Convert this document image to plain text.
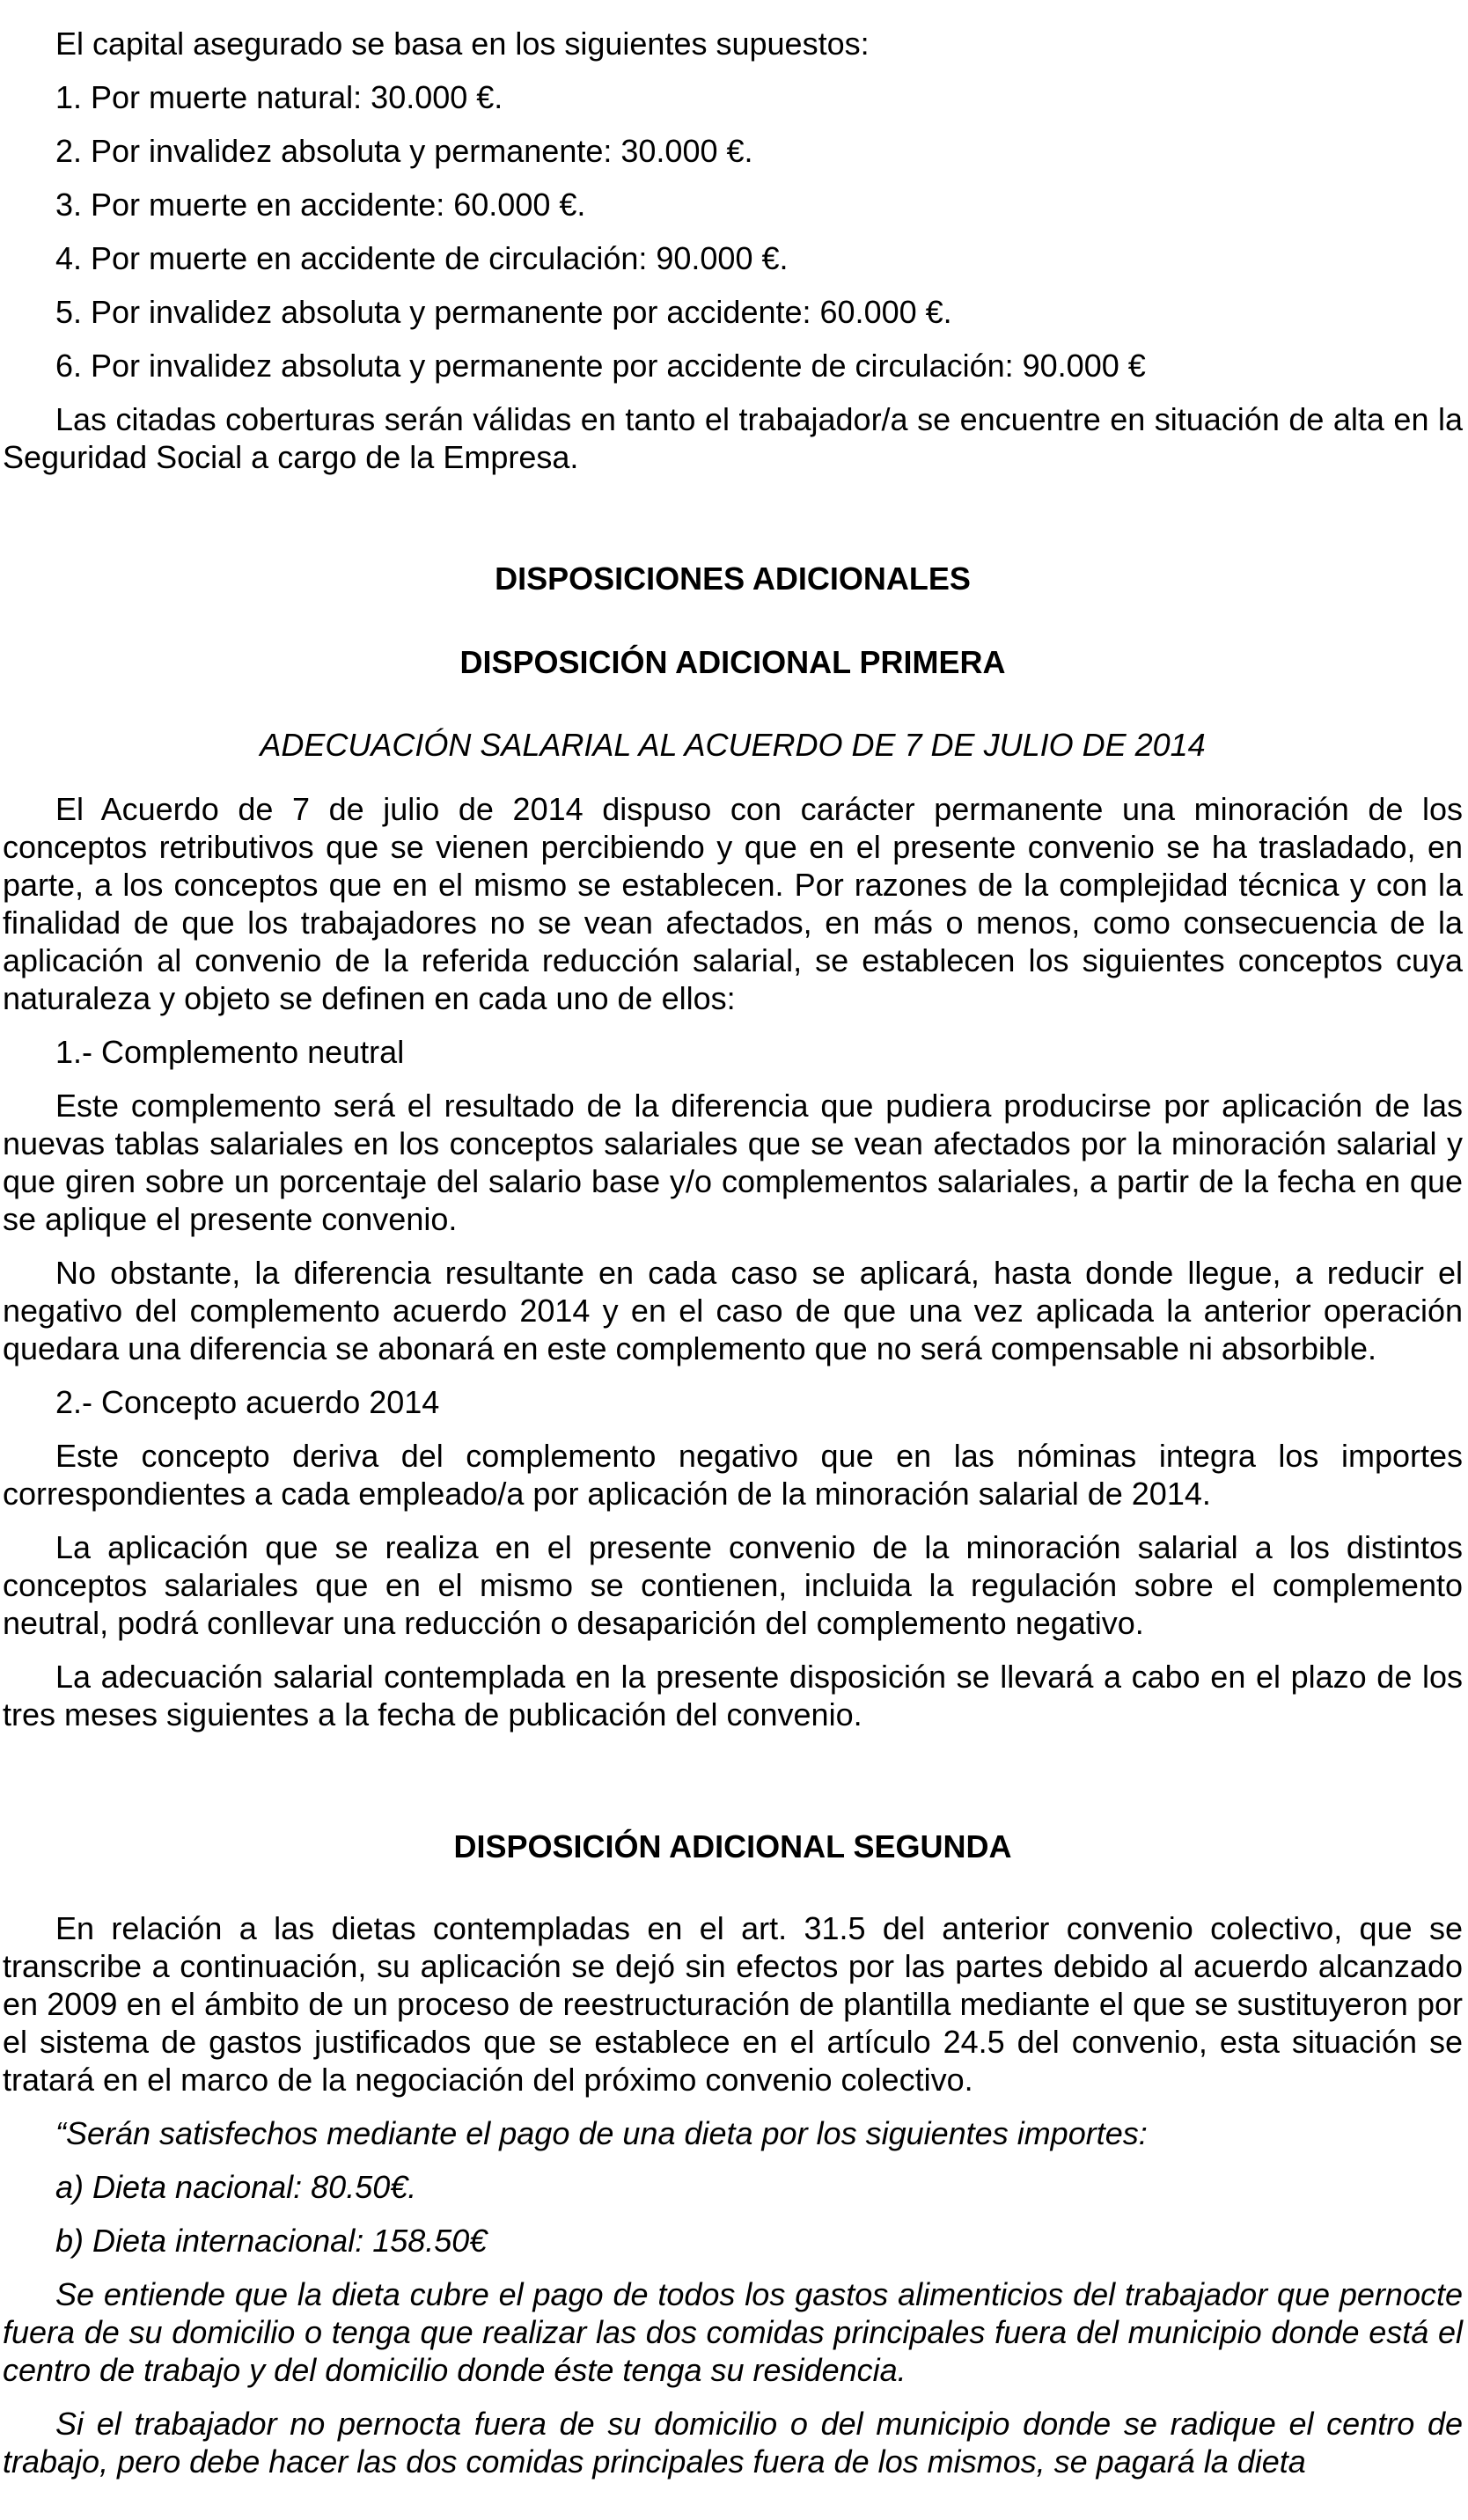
El capital asegurado se basa en los siguientes supuestos:

1. Por muerte natural: 30.000 €.

2. Por invalidez absoluta y permanente: 30.000 €.

3. Por muerte en accidente: 60.000 €.

4. Por muerte en accidente de circulación: 90.000 €.

5. Por invalidez absoluta y permanente por accidente: 60.000 €.

6. Por invalidez absoluta y permanente por accidente de circulación: 90.000 €

Las citadas coberturas serán válidas en tanto el trabajador/a se encuentre en situación de alta en la Seguridad Social a cargo de la Empresa.

DISPOSICIONES ADICIONALES

DISPOSICIÓN ADICIONAL PRIMERA

ADECUACIÓN SALARIAL AL ACUERDO DE 7 DE JULIO DE 2014

El Acuerdo de 7 de julio de 2014 dispuso con carácter permanente una minoración de los conceptos retributivos que se vienen percibiendo y que en el presente convenio se ha trasladado, en parte, a los conceptos que en el mismo se establecen. Por razones de la complejidad técnica y con la finalidad de que los trabajadores no se vean afectados, en más o menos, como consecuencia de la aplicación al convenio de la referida reducción salarial, se establecen los siguientes conceptos cuya naturaleza y objeto se definen en cada uno de ellos:

1.- Complemento neutral

Este complemento será el resultado de la diferencia que pudiera producirse por aplicación de las nuevas tablas salariales en los conceptos salariales que se vean afectados por la minoración salarial y que giren sobre un porcentaje del salario base y/o complementos salariales, a partir de la fecha en que se aplique el presente convenio.

No obstante, la diferencia resultante en cada caso se aplicará, hasta donde llegue, a reducir el negativo del complemento acuerdo 2014 y en el caso de que una vez aplicada la anterior operación quedara una diferencia se abonará en este complemento que no será compensable ni absorbible.

2.- Concepto acuerdo 2014

Este concepto deriva del complemento negativo que en las nóminas integra los importes correspondientes a cada empleado/a por aplicación de la minoración salarial de 2014.

La aplicación que se realiza en el presente convenio de la minoración salarial a los distintos conceptos salariales que en el mismo se contienen, incluida la regulación sobre el complemento neutral, podrá conllevar una reducción o desaparición del complemento negativo.

La adecuación salarial contemplada en la presente disposición se llevará a cabo en el plazo de los tres meses siguientes a la fecha de publicación del convenio.

DISPOSICIÓN ADICIONAL SEGUNDA

En relación a las dietas contempladas en el art. 31.5 del anterior convenio colectivo, que se transcribe a continuación, su aplicación se dejó sin efectos por las partes debido al acuerdo alcanzado en 2009 en el ámbito de un proceso de reestructuración de plantilla mediante el que se sustituyeron por el sistema de gastos justificados que se establece en el artículo 24.5 del convenio, esta situación se tratará en el marco de la negociación del próximo convenio colectivo.

“Serán satisfechos mediante el pago de una dieta por los siguientes importes:

a) Dieta nacional: 80.50€.

b) Dieta internacional: 158.50€

Se entiende que la dieta cubre el pago de todos los gastos alimenticios del trabajador que pernocte fuera de su domicilio o tenga que realizar las dos comidas principales fuera del municipio donde está el centro de trabajo y del domicilio donde éste tenga su residencia.

Si el trabajador no pernocta fuera de su domicilio o del municipio donde se radique el centro de trabajo, pero debe hacer las dos comidas principales fuera de los mismos, se pagará la dieta
